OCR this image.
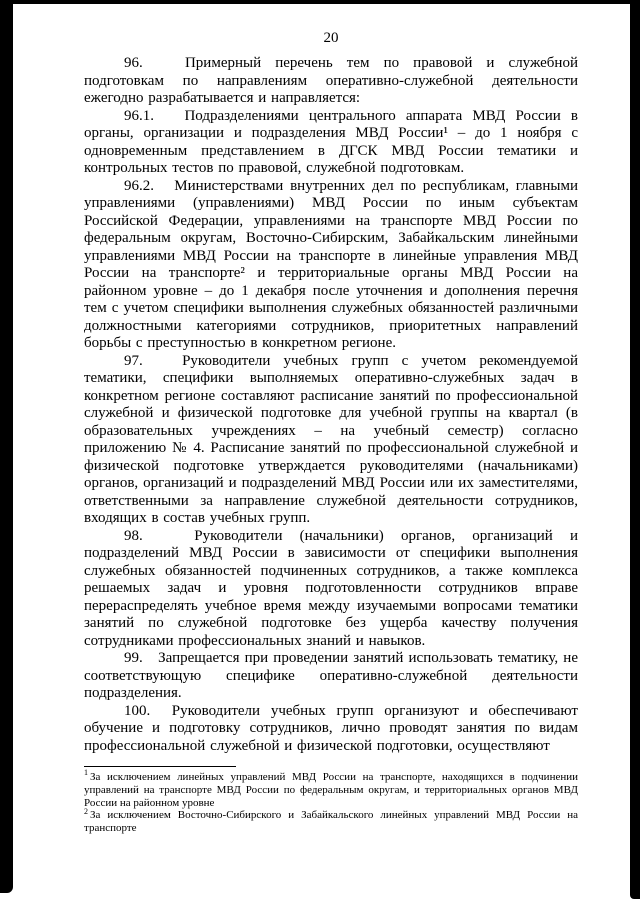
20

96.   Примерный перечень тем по правовой и служебной подготовкам по направлениям оперативно-служебной деятельности ежегодно разрабатывается и направляется:

96.1.   Подразделениями центрального аппарата МВД России в органы, организации и подразделения МВД России¹ – до 1 ноября с одновременным представлением в ДГСК МВД России тематики и контрольных тестов по правовой, служебной подготовкам.

96.2.   Министерствами внутренних дел по республикам, главными управлениями (управлениями) МВД России по иным субъектам Российской Федерации, управлениями на транспорте МВД России по федеральным округам, Восточно-Сибирским, Забайкальским линейными управлениями МВД России на транспорте в линейные управления МВД России на транспорте² и территориальные органы МВД России на районном уровне – до 1 декабря после уточнения и дополнения перечня тем с учетом специфики выполнения служебных обязанностей различными должностными категориями сотрудников, приоритетных направлений борьбы с преступностью в конкретном регионе.

97.   Руководители учебных групп с учетом рекомендуемой тематики, специфики выполняемых оперативно-служебных задач в конкретном регионе составляют расписание занятий по профессиональной служебной и физической подготовке для учебной группы на квартал (в образовательных учреждениях – на учебный семестр) согласно приложению № 4. Расписание занятий по профессиональной служебной и физической подготовке утверждается руководителями (начальниками) органов, организаций и подразделений МВД России или их заместителями, ответственными за направление служебной деятельности сотрудников, входящих в состав учебных групп.

98.   Руководители (начальники) органов, организаций и подразделений МВД России в зависимости от специфики выполнения служебных обязанностей подчиненных сотрудников, а также комплекса решаемых задач и уровня подготовленности сотрудников вправе перераспределять учебное время между изучаемыми вопросами тематики занятий по служебной подготовке без ущерба качеству получения сотрудниками профессиональных знаний и навыков.

99.   Запрещается при проведении занятий использовать тематику, не соответствующую специфике оперативно-служебной деятельности подразделения.

100.  Руководители учебных групп организуют и обеспечивают обучение и подготовку сотрудников, лично проводят занятия по видам профессиональной служебной и физической подготовки, осуществляют

$^1$ За исключением линейных управлений МВД России на транспорте, находящихся в подчинении управлений на транспорте МВД России по федеральным округам, и территориальных органов МВД России на районном уровне

$^2$ За исключением Восточно-Сибирского и Забайкальского линейных управлений МВД России на транспорте
